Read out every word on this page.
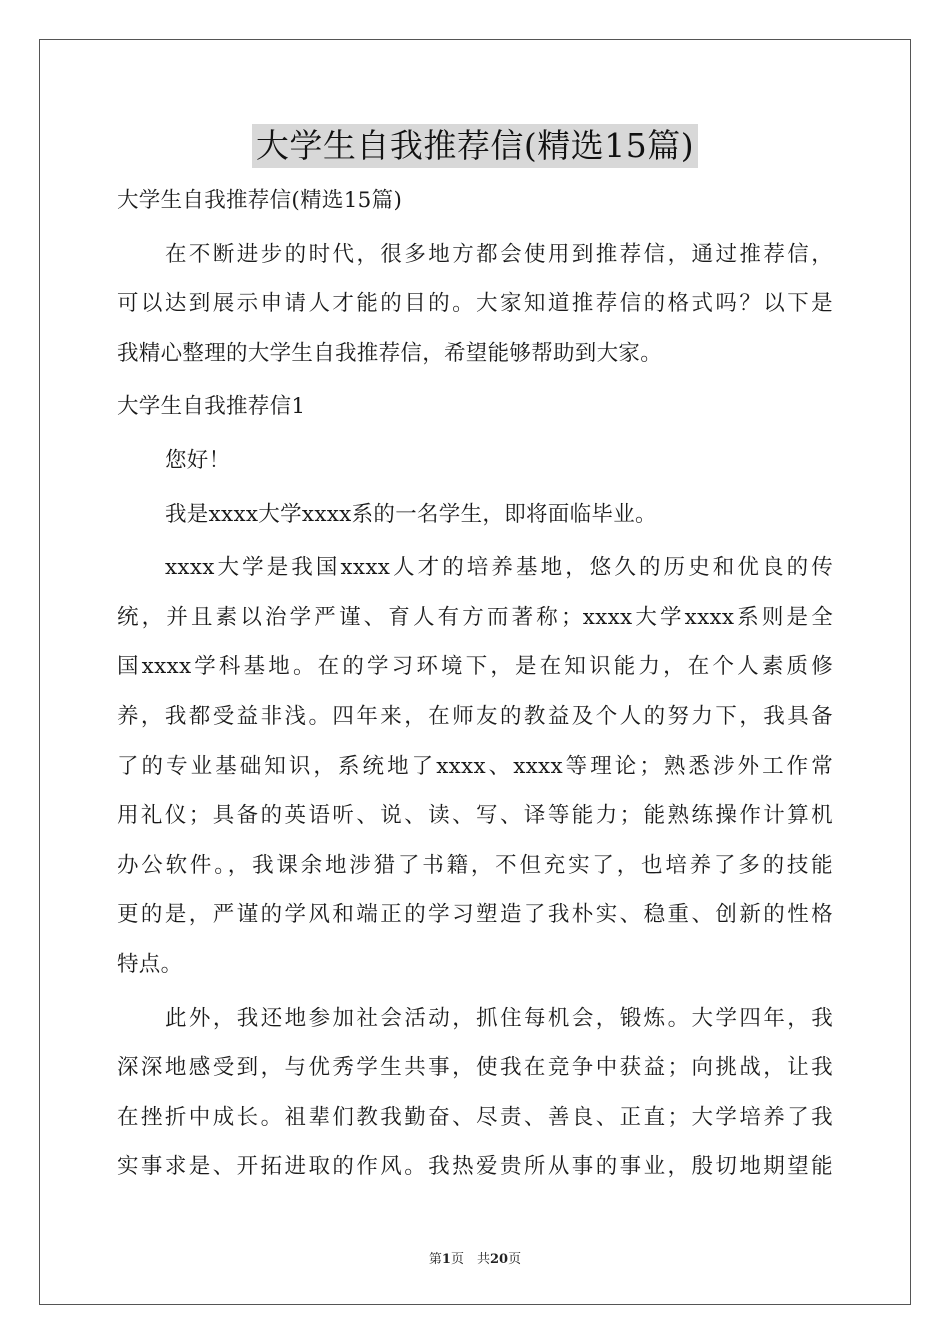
大学生自我推荐信(精选15篇)
大学生自我推荐信(精选15篇)
在不断进步的时代，很多地方都会使用到推荐信，通过推荐信，
可以达到展示申请人才能的目的。大家知道推荐信的格式吗？以下是
我精心整理的大学生自我推荐信，希望能够帮助到大家。
大学生自我推荐信1
您好！
我是xxxx大学xxxx系的一名学生，即将面临毕业。
xxxx大学是我国xxxx人才的培养基地，悠久的历史和优良的传
统，并且素以治学严谨、育人有方而著称；xxxx大学xxxx系则是全
国xxxx学科基地。在的学习环境下，是在知识能力，在个人素质修
养，我都受益非浅。四年来，在师友的教益及个人的努力下，我具备
了的专业基础知识，系统地了xxxx、xxxx等理论；熟悉涉外工作常
用礼仪；具备的英语听、说、读、写、译等能力；能熟练操作计算机
办公软件。，我课余地涉猎了书籍，不但充实了，也培养了多的技能
更的是，严谨的学风和端正的学习塑造了我朴实、稳重、创新的性格
特点。
此外，我还地参加社会活动，抓住每机会，锻炼。大学四年，我
深深地感受到，与优秀学生共事，使我在竞争中获益；向挑战，让我
在挫折中成长。祖辈们教我勤奋、尽责、善良、正直；大学培养了我
实事求是、开拓进取的作风。我热爱贵所从事的事业，殷切地期望能
第1页　共20页
